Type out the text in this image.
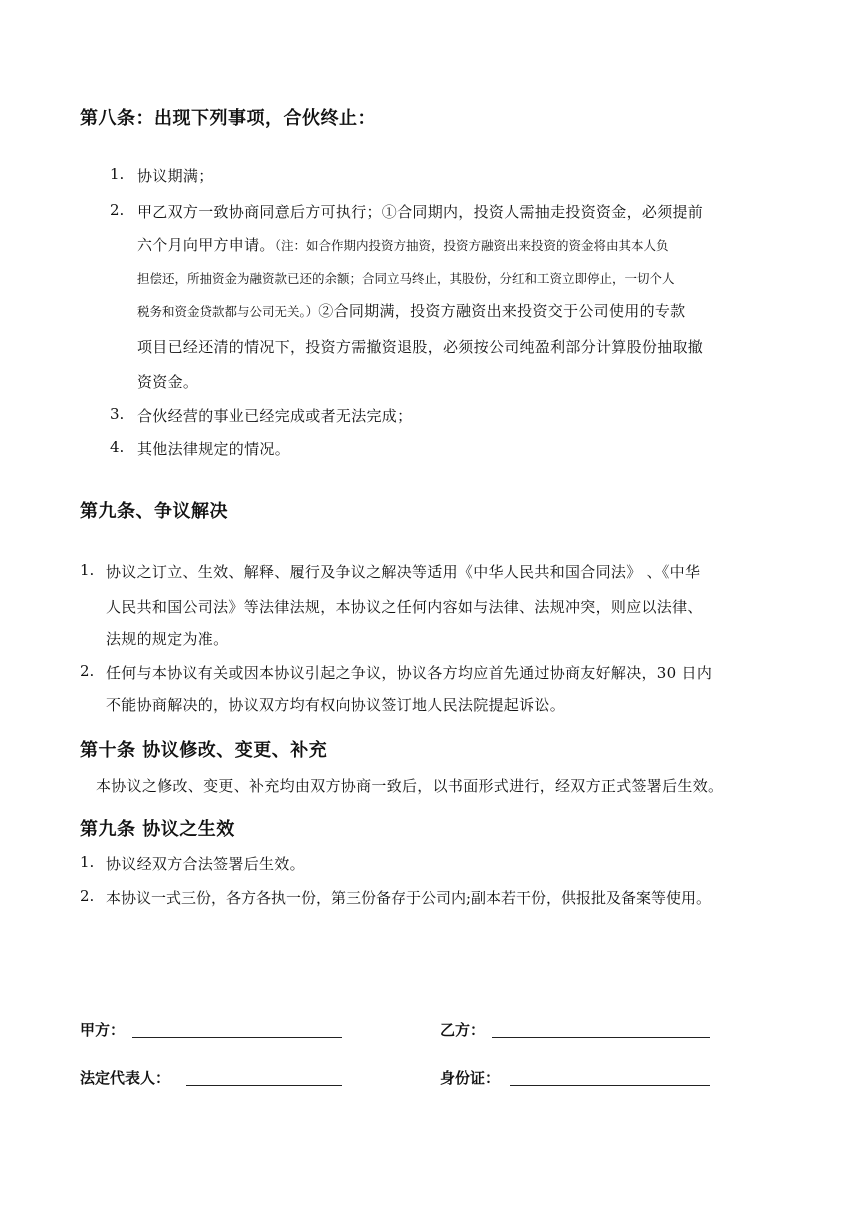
第八条：出现下列事项，合伙终止：
1. 协议期满；
2. 甲乙双方一致协商同意后方可执行；①合同期内，投资人需抽走投资资金，必须提前
六个月向甲方申请。（注：如合作期内投资方抽资，投资方融资出来投资的资金将由其本人负
担偿还，所抽资金为融资款已还的余额；合同立马终止，其股份，分红和工资立即停止，一切个人
税务和资金贷款都与公司无关。）②合同期满，投资方融资出来投资交于公司使用的专款
项目已经还清的情况下，投资方需撤资退股，必须按公司纯盈利部分计算股份抽取撤
资资金。
3. 合伙经营的事业已经完成或者无法完成；
4. 其他法律规定的情况。
第九条、争议解决
1. 协议之订立、生效、解释、履行及争议之解决等适用《中华人民共和国合同法》 、《中华
人民共和国公司法》等法律法规，本协议之任何内容如与法律、法规冲突，则应以法律、
法规的规定为准。
2. 任何与本协议有关或因本协议引起之争议，协议各方均应首先通过协商友好解决，30 日内
不能协商解决的，协议双方均有权向协议签订地人民法院提起诉讼。
第十条 协议修改、变更、补充
本协议之修改、变更、补充均由双方协商一致后，以书面形式进行，经双方正式签署后生效。
第九条 协议之生效
1. 协议经双方合法签署后生效。
2. 本协议一式三份，各方各执一份，第三份备存于公司内;副本若干份，供报批及备案等使用。
甲方：	乙方：
法定代表人：	身份证：
